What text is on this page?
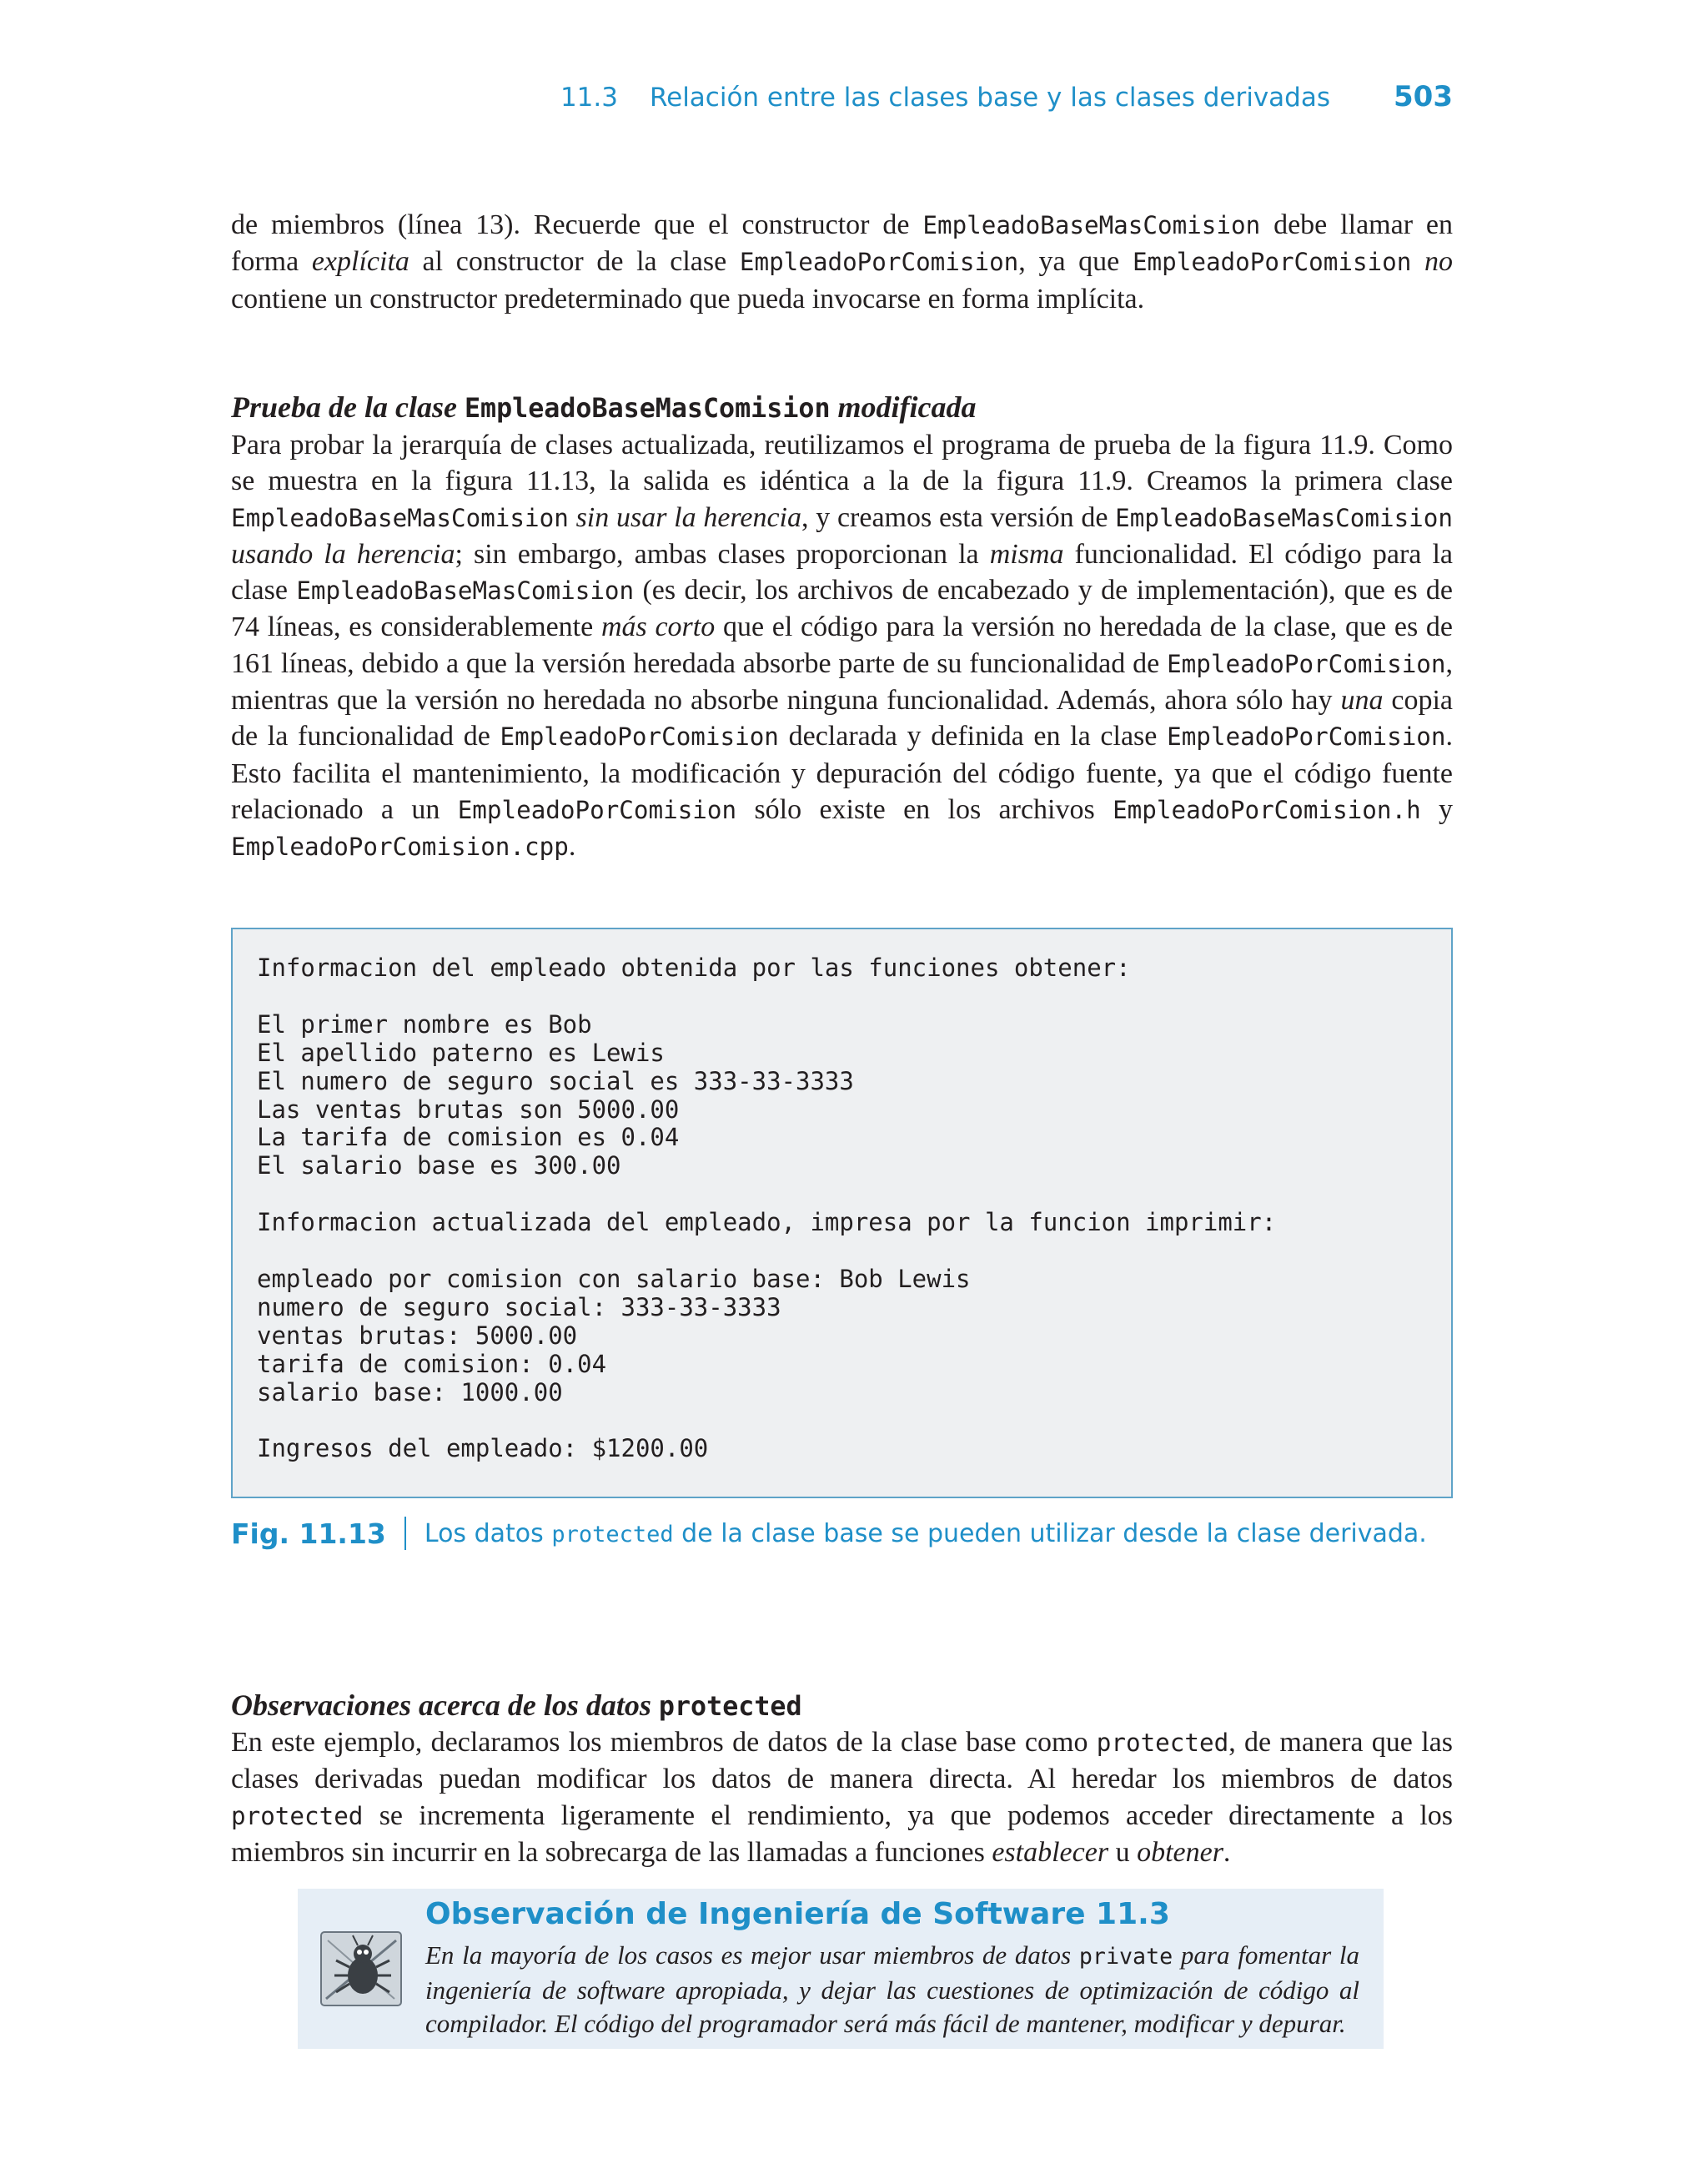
11.3 Relación entre las clases base y las clases derivadas 503

de miembros (línea 13). Recuerde que el constructor de EmpleadoBaseMasComision debe llamar en forma explícita al constructor de la clase EmpleadoPorComision, ya que EmpleadoPorComision no contiene un constructor predeterminado que pueda invocarse en forma implícita.

Prueba de la clase EmpleadoBaseMasComision modificada

Para probar la jerarquía de clases actualizada, reutilizamos el programa de prueba de la figura 11.9. Como se muestra en la figura 11.13, la salida es idéntica a la de la figura 11.9. Creamos la primera clase EmpleadoBaseMasComision sin usar la herencia, y creamos esta versión de EmpleadoBaseMasComision usando la herencia; sin embargo, ambas clases proporcionan la misma funcionalidad. El código para la clase EmpleadoBaseMasComision (es decir, los archivos de encabezado y de implementación), que es de 74 líneas, es considerablemente más corto que el código para la versión no heredada de la clase, que es de 161 líneas, debido a que la versión heredada absorbe parte de su funcionalidad de EmpleadoPorComision, mientras que la versión no heredada no absorbe ninguna funcionalidad. Además, ahora sólo hay una copia de la funcionalidad de EmpleadoPorComision declarada y definida en la clase EmpleadoPorComision. Esto facilita el mantenimiento, la modificación y depuración del código fuente, ya que el código fuente relacionado a un EmpleadoPorComision sólo existe en los archivos EmpleadoPorComision.h y EmpleadoPorComision.cpp.

Informacion del empleado obtenida por las funciones obtener:

El primer nombre es Bob
El apellido paterno es Lewis
El numero de seguro social es 333-33-3333
Las ventas brutas son 5000.00
La tarifa de comision es 0.04
El salario base es 300.00

Informacion actualizada del empleado, impresa por la funcion imprimir:

empleado por comision con salario base: Bob Lewis
numero de seguro social: 333-33-3333
ventas brutas: 5000.00
tarifa de comision: 0.04
salario base: 1000.00

Ingresos del empleado: $1200.00
Fig. 11.13 Los datos protected de la clase base se pueden utilizar desde la clase derivada.
Observaciones acerca de los datos protected

En este ejemplo, declaramos los miembros de datos de la clase base como protected, de manera que las clases derivadas puedan modificar los datos de manera directa. Al heredar los miembros de datos protected se incrementa ligeramente el rendimiento, ya que podemos acceder directamente a los miembros sin incurrir en la sobrecarga de las llamadas a funciones establecer u obtener.

Observación de Ingeniería de Software 11.3

En la mayoría de los casos es mejor usar miembros de datos private para fomentar la ingeniería de software apropiada, y dejar las cuestiones de optimización de código al compilador. El código del programador será más fácil de mantener, modificar y depurar.
